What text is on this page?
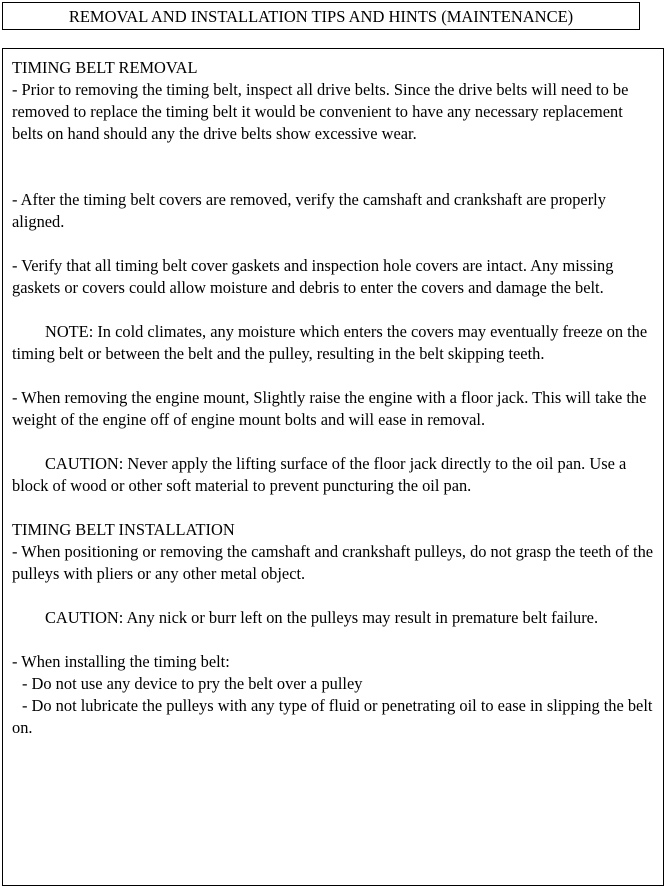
REMOVAL AND INSTALLATION TIPS AND HINTS (MAINTENANCE)
TIMING BELT REMOVAL
- Prior to removing the timing belt, inspect all drive belts. Since the drive belts will need to be removed to replace the timing belt it would be convenient to have any necessary replacement belts on hand should any the drive belts show excessive wear.
- After the timing belt covers are removed, verify the camshaft and crankshaft are properly aligned.
- Verify that all timing belt cover gaskets and inspection hole covers are intact. Any missing gaskets or covers could allow moisture and debris to enter the covers and damage the belt.
NOTE: In cold climates, any moisture which enters the covers may eventually freeze on the timing belt or between the belt and the pulley, resulting in the belt skipping teeth.
- When removing the engine mount, Slightly raise the engine with a floor jack. This will take the weight of the engine off of engine mount bolts and will ease in removal.
CAUTION: Never apply the lifting surface of the floor jack directly to the oil pan. Use a block of wood or other soft material to prevent puncturing the oil pan.
TIMING BELT INSTALLATION
- When positioning or removing the camshaft and crankshaft pulleys, do not grasp the teeth of the pulleys with pliers or any other metal object.
CAUTION: Any nick or burr left on the pulleys may result in premature belt failure.
- When installing the timing belt:
- Do not use any device to pry the belt over a pulley
- Do not lubricate the pulleys with any type of fluid or penetrating oil to ease in slipping the belt on.
